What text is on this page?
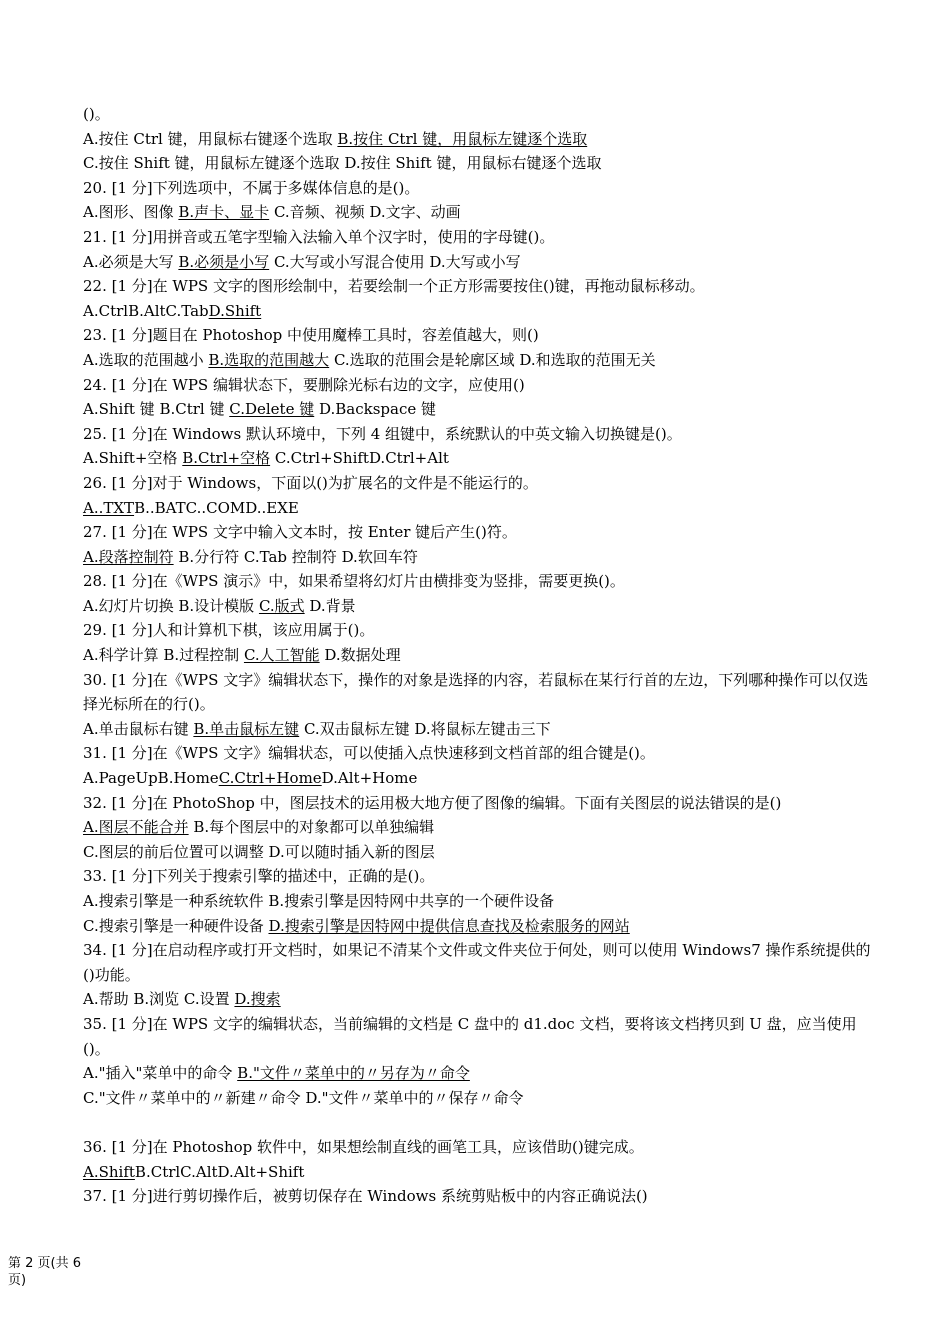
()。
A.按住 Ctrl 键，用鼠标右键逐个选取 B.按住 Ctrl 键，用鼠标左键逐个选取
C.按住 Shift 键，用鼠标左键逐个选取 D.按住 Shift 键，用鼠标右键逐个选取
20. [1 分]下列选项中，不属于多媒体信息的是()。
A.图形、图像 B.声卡、显卡 C.音频、视频 D.文字、动画
21. [1 分]用拼音或五笔字型输入法输入单个汉字时，使用的字母键()。
A.必须是大写 B.必须是小写 C.大写或小写混合使用 D.大写或小写
22. [1 分]在 WPS 文字的图形绘制中，若要绘制一个正方形需要按住()键，再拖动鼠标移动。
A.CtrlB.AltC.TabD.Shift
23. [1 分]题目在 Photoshop 中使用魔棒工具时，容差值越大，则()
A.选取的范围越小 B.选取的范围越大 C.选取的范围会是轮廓区域 D.和选取的范围无关
24. [1 分]在 WPS 编辑状态下，要删除光标右边的文字，应使用()
A.Shift 键 B.Ctrl 键 C.Delete 键 D.Backspace 键
25. [1 分]在 Windows 默认环境中，下列 4 组键中，系统默认的中英文输入切换键是()。
A.Shift+空格 B.Ctrl+空格 C.Ctrl+ShiftD.Ctrl+Alt
26. [1 分]对于 Windows，下面以()为扩展名的文件是不能运行的。
A..TXTB..BATC..COMD..EXE
27. [1 分]在 WPS 文字中输入文本时，按 Enter 键后产生()符。
A.段落控制符 B.分行符 C.Tab 控制符 D.软回车符
28. [1 分]在《WPS 演示》中，如果希望将幻灯片由横排变为竖排，需要更换()。
A.幻灯片切换 B.设计模版 C.版式 D.背景
29. [1 分]人和计算机下棋，该应用属于()。
A.科学计算 B.过程控制 C.人工智能 D.数据处理
30. [1 分]在《WPS 文字》编辑状态下，操作的对象是选择的内容，若鼠标在某行行首的左边，下列哪种操作可以仅选择光标所在的行()。
A.单击鼠标右键 B.单击鼠标左键 C.双击鼠标左键 D.将鼠标左键击三下
31. [1 分]在《WPS 文字》编辑状态，可以使插入点快速移到文档首部的组合键是()。
A.PageUpB.HomeC.Ctrl+HomeD.Alt+Home
32. [1 分]在 PhotoShop 中，图层技术的运用极大地方便了图像的编辑。下面有关图层的说法错误的是()
A.图层不能合并 B.每个图层中的对象都可以单独编辑
C.图层的前后位置可以调整 D.可以随时插入新的图层
33. [1 分]下列关于搜索引擎的描述中，正确的是()。
A.搜索引擎是一种系统软件 B.搜索引擎是因特网中共享的一个硬件设备
C.搜索引擎是一种硬件设备 D.搜索引擎是因特网中提供信息查找及检索服务的网站
34. [1 分]在启动程序或打开文档时，如果记不清某个文件或文件夹位于何处，则可以使用 Windows7 操作系统提供的()功能。
A.帮助 B.浏览 C.设置 D.搜索
35. [1 分]在 WPS 文字的编辑状态，当前编辑的文档是 C 盘中的 d1.doc 文档，要将该文档拷贝到 U 盘，应当使用()。
A."插入"菜单中的命令 B."文件〃菜单中的〃另存为〃命令
C."文件〃菜单中的〃新建〃命令 D."文件〃菜单中的〃保存〃命令
36. [1 分]在 Photoshop 软件中，如果想绘制直线的画笔工具，应该借助()键完成。
A.ShiftB.CtrlC.AltD.Alt+Shift
37. [1 分]进行剪切操作后，被剪切保存在 Windows 系统剪贴板中的内容正确说法()
第 2 页(共 6
页)
